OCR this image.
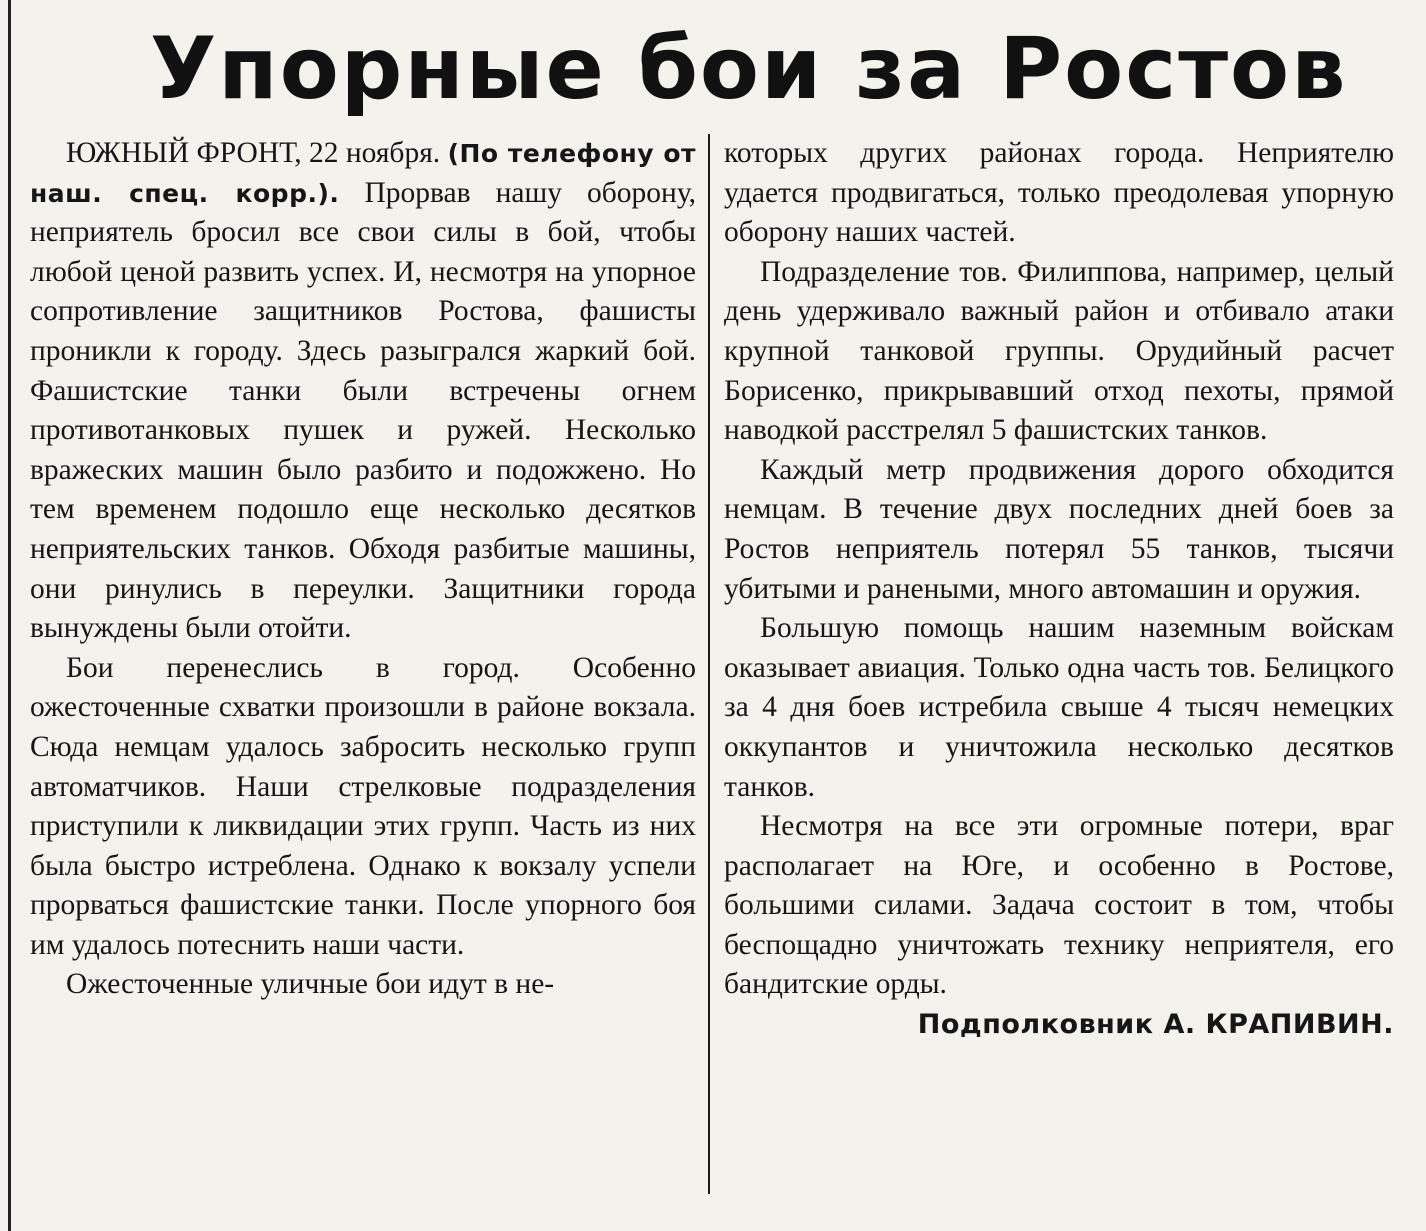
Упорные бои за Ростов

ЮЖНЫЙ ФРОНТ, 22 ноября. (По телефону от наш. спец. корр.). Прорвав нашу оборону, неприятель бросил все свои силы в бой, чтобы любой ценой развить успех. И, несмотря на упорное сопротивление защитников Ростова, фашисты проникли к городу. Здесь разыгрался жаркий бой. Фашистские танки были встречены огнем противотанковых пушек и ружей. Несколько вражеских машин было разбито и подожжено. Но тем временем подошло еще несколько десятков неприятельских танков. Обходя разбитые машины, они ринулись в переулки. Защитники города вынуждены были отойти.

Бои перенеслись в город. Особенно ожесточенные схватки произошли в районе вокзала. Сюда немцам удалось забросить несколько групп автоматчиков. Наши стрелковые подразделения приступили к ликвидации этих групп. Часть из них была быстро истреблена. Однако к вокзалу успели прорваться фашистские танки. После упорного боя им удалось потеснить наши части.

Ожесточенные уличные бои идут в не-

которых других районах города. Неприятелю удается продвигаться, только преодолевая упорную оборону наших частей.

Подразделение тов. Филиппова, например, целый день удерживало важный район и отбивало атаки крупной танковой группы. Орудийный расчет Борисенко, прикрывавший отход пехоты, прямой наводкой расстрелял 5 фашистских танков.

Каждый метр продвижения дорого обходится немцам. В течение двух последних дней боев за Ростов неприятель потерял 55 танков, тысячи убитыми и ранеными, много автомашин и оружия.

Большую помощь нашим наземным войскам оказывает авиация. Только одна часть тов. Белицкого за 4 дня боев истребила свыше 4 тысяч немецких оккупантов и уничтожила несколько десятков танков.

Несмотря на все эти огромные потери, враг располагает на Юге, и особенно в Ростове, большими силами. Задача состоит в том, чтобы беспощадно уничтожать технику неприятеля, его бандитские орды.

Подполковник А. КРАПИВИН.
